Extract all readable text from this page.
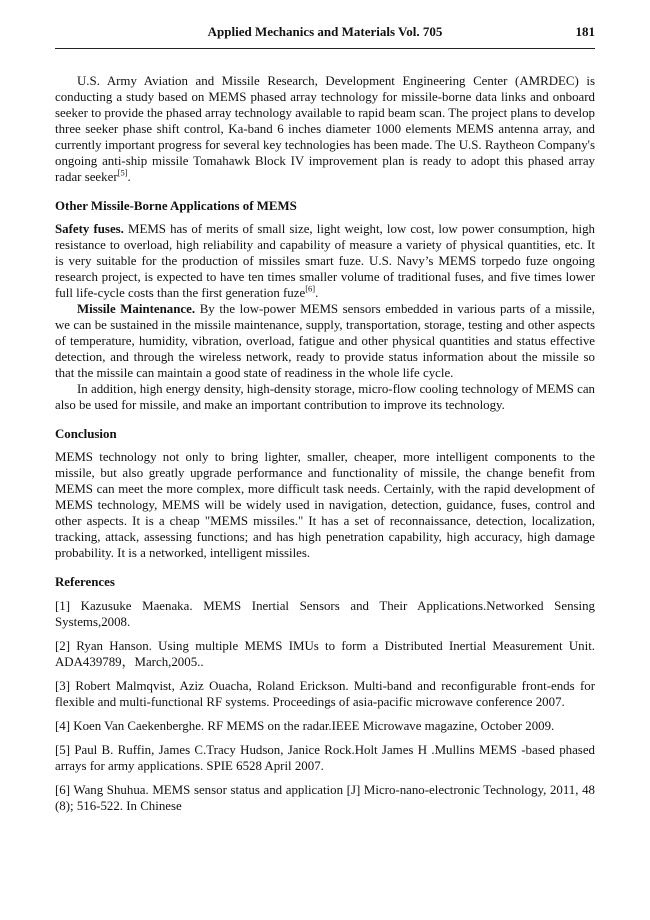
Applied Mechanics and Materials Vol. 705	181

U.S. Army Aviation and Missile Research, Development Engineering Center (AMRDEC) is conducting a study based on MEMS phased array technology for missile-borne data links and onboard seeker to provide the phased array technology available to rapid beam scan. The project plans to develop three seeker phase shift control, Ka-band 6 inches diameter 1000 elements MEMS antenna array, and currently important progress for several key technologies has been made. The U.S. Raytheon Company's ongoing anti-ship missile Tomahawk Block IV improvement plan is ready to adopt this phased array radar seeker[5].

Other Missile-Borne Applications of MEMS

Safety fuses. MEMS has of merits of small size, light weight, low cost, low power consumption, high resistance to overload, high reliability and capability of measure a variety of physical quantities, etc. It is very suitable for the production of missiles smart fuze. U.S. Navy’s MEMS torpedo fuze ongoing research project, is expected to have ten times smaller volume of traditional fuses, and five times lower full life-cycle costs than the first generation fuze[6].

Missile Maintenance. By the low-power MEMS sensors embedded in various parts of a missile, we can be sustained in the missile maintenance, supply, transportation, storage, testing and other aspects of temperature, humidity, vibration, overload, fatigue and other physical quantities and status effective detection, and through the wireless network, ready to provide status information about the missile so that the missile can maintain a good state of readiness in the whole life cycle.

In addition, high energy density, high-density storage, micro-flow cooling technology of MEMS can also be used for missile, and make an important contribution to improve its technology.

Conclusion

MEMS technology not only to bring lighter, smaller, cheaper, more intelligent components to the missile, but also greatly upgrade performance and functionality of missile, the change benefit from MEMS can meet the more complex, more difficult task needs. Certainly, with the rapid development of MEMS technology, MEMS will be widely used in navigation, detection, guidance, fuses, control and other aspects. It is a cheap "MEMS missiles." It has a set of reconnaissance, detection, localization, tracking, attack, assessing functions; and has high penetration capability, high accuracy, high damage probability. It is a networked, intelligent missiles.

References

[1] Kazusuke Maenaka. MEMS Inertial Sensors and Their Applications.Networked Sensing Systems,2008.

[2] Ryan Hanson. Using multiple MEMS IMUs to form a Distributed Inertial Measurement Unit. ADA439789，March,2005..

[3] Robert Malmqvist, Aziz Ouacha, Roland Erickson. Multi-band and reconfigurable front-ends for flexible and multi-functional RF systems. Proceedings of asia-pacific microwave conference 2007.

[4] Koen Van Caekenberghe. RF MEMS on the radar.IEEE Microwave magazine, October 2009.

[5] Paul B. Ruffin, James C.Tracy Hudson, Janice Rock.Holt James H .Mullins MEMS -based phased arrays for army applications. SPIE 6528 April 2007.

[6] Wang Shuhua. MEMS sensor status and application [J] Micro-nano-electronic Technology, 2011, 48 (8); 516-522. In Chinese
